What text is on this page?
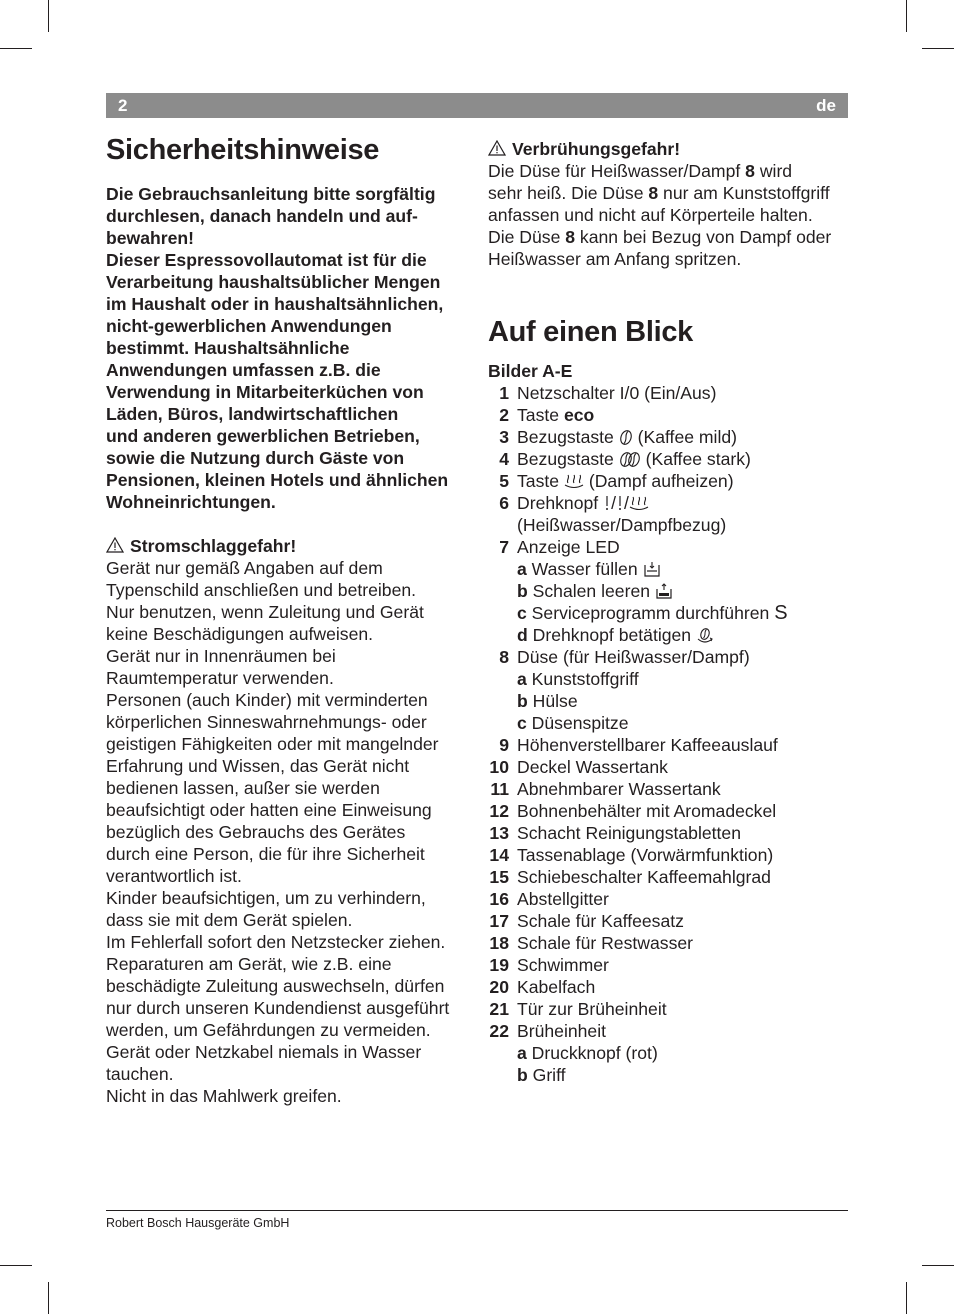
2	de
Sicherheitshinweise

Die Gebrauchsanleitung bitte sorgfältig

durchlesen, danach handeln und auf-

bewahren!

Dieser Espressovollautomat ist für die

Verarbeitung haushaltsüblicher Mengen

im Haushalt oder in haushaltsähnlichen,

nicht-gewerblichen Anwendungen

bestimmt. Haushaltsähnliche

Anwendungen umfassen z.B. die

Verwendung in Mitarbeiterküchen von

Läden, Büros, landwirtschaftlichen

und anderen gewerblichen Betrieben,

sowie die Nutzung durch Gäste von

Pensionen, kleinen Hotels und ähnlichen

Wohneinrichtungen.

Stromschlaggefahr!

Gerät nur gemäß Angaben auf dem

Typenschild anschließen und betreiben.

Nur benutzen, wenn Zuleitung und Gerät

keine Beschädigungen aufweisen.

Gerät nur in Innenräumen bei

Raumtemperatur verwenden.

Personen (auch Kinder) mit verminderten

körperlichen Sinneswahrnehmungs- oder

geistigen Fähigkeiten oder mit mangelnder

Erfahrung und Wissen, das Gerät nicht

bedienen lassen, außer sie werden

beaufsichtigt oder hatten eine Einweisung

bezüglich des Gebrauchs des Gerätes

durch eine Person, die für ihre Sicherheit

verantwortlich ist.

Kinder beaufsichtigen, um zu verhindern,

dass sie mit dem Gerät spielen.

Im Fehlerfall sofort den Netzstecker ziehen.

Reparaturen am Gerät, wie z.B. eine

beschädigte Zuleitung auswechseln, dürfen

nur durch unseren Kundendienst ausgeführt

werden, um Gefährdungen zu vermeiden.

Gerät oder Netzkabel niemals in Wasser

tauchen.

Nicht in das Mahlwerk greifen.

Verbrühungsgefahr!

Die Düse für Heißwasser/Dampf 8 wird

sehr heiß. Die Düse 8 nur am Kunststoffgriff

anfassen und nicht auf Körperteile halten.

Die Düse 8 kann bei Bezug von Dampf oder

Heißwasser am Anfang spritzen.

Auf einen Blick
Bilder A-E
1 Netzschalter I/0 (Ein/Aus)
2 Taste eco
3 Bezugstaste  (Kaffee mild)
4 Bezugstaste  (Kaffee stark)
5 Taste  (Dampf aufheizen)
6 Drehknopf / /
(Heißwasser/Dampfbezug)
7 Anzeige LED
a Wasser füllen
b Schalen leeren
c Serviceprogramm durchführen S
d Drehknopf betätigen
8 Düse (für Heißwasser/Dampf)
a Kunststoffgriff
b Hülse
c Düsenspitze
9 Höhenverstellbarer Kaffeeauslauf
10 Deckel Wassertank
11 Abnehmbarer Wassertank
12 Bohnenbehälter mit Aromadeckel
13 Schacht Reinigungstabletten
14 Tassenablage (Vorwärmfunktion)
15 Schiebeschalter Kaffeemahlgrad
16 Abstellgitter
17 Schale für Kaffeesatz
18 Schale für Restwasser
19 Schwimmer
20 Kabelfach
21 Tür zur Brüheinheit
22 Brüheinheit
a Druckknopf (rot)
b Griff
Robert Bosch Hausgeräte GmbH
